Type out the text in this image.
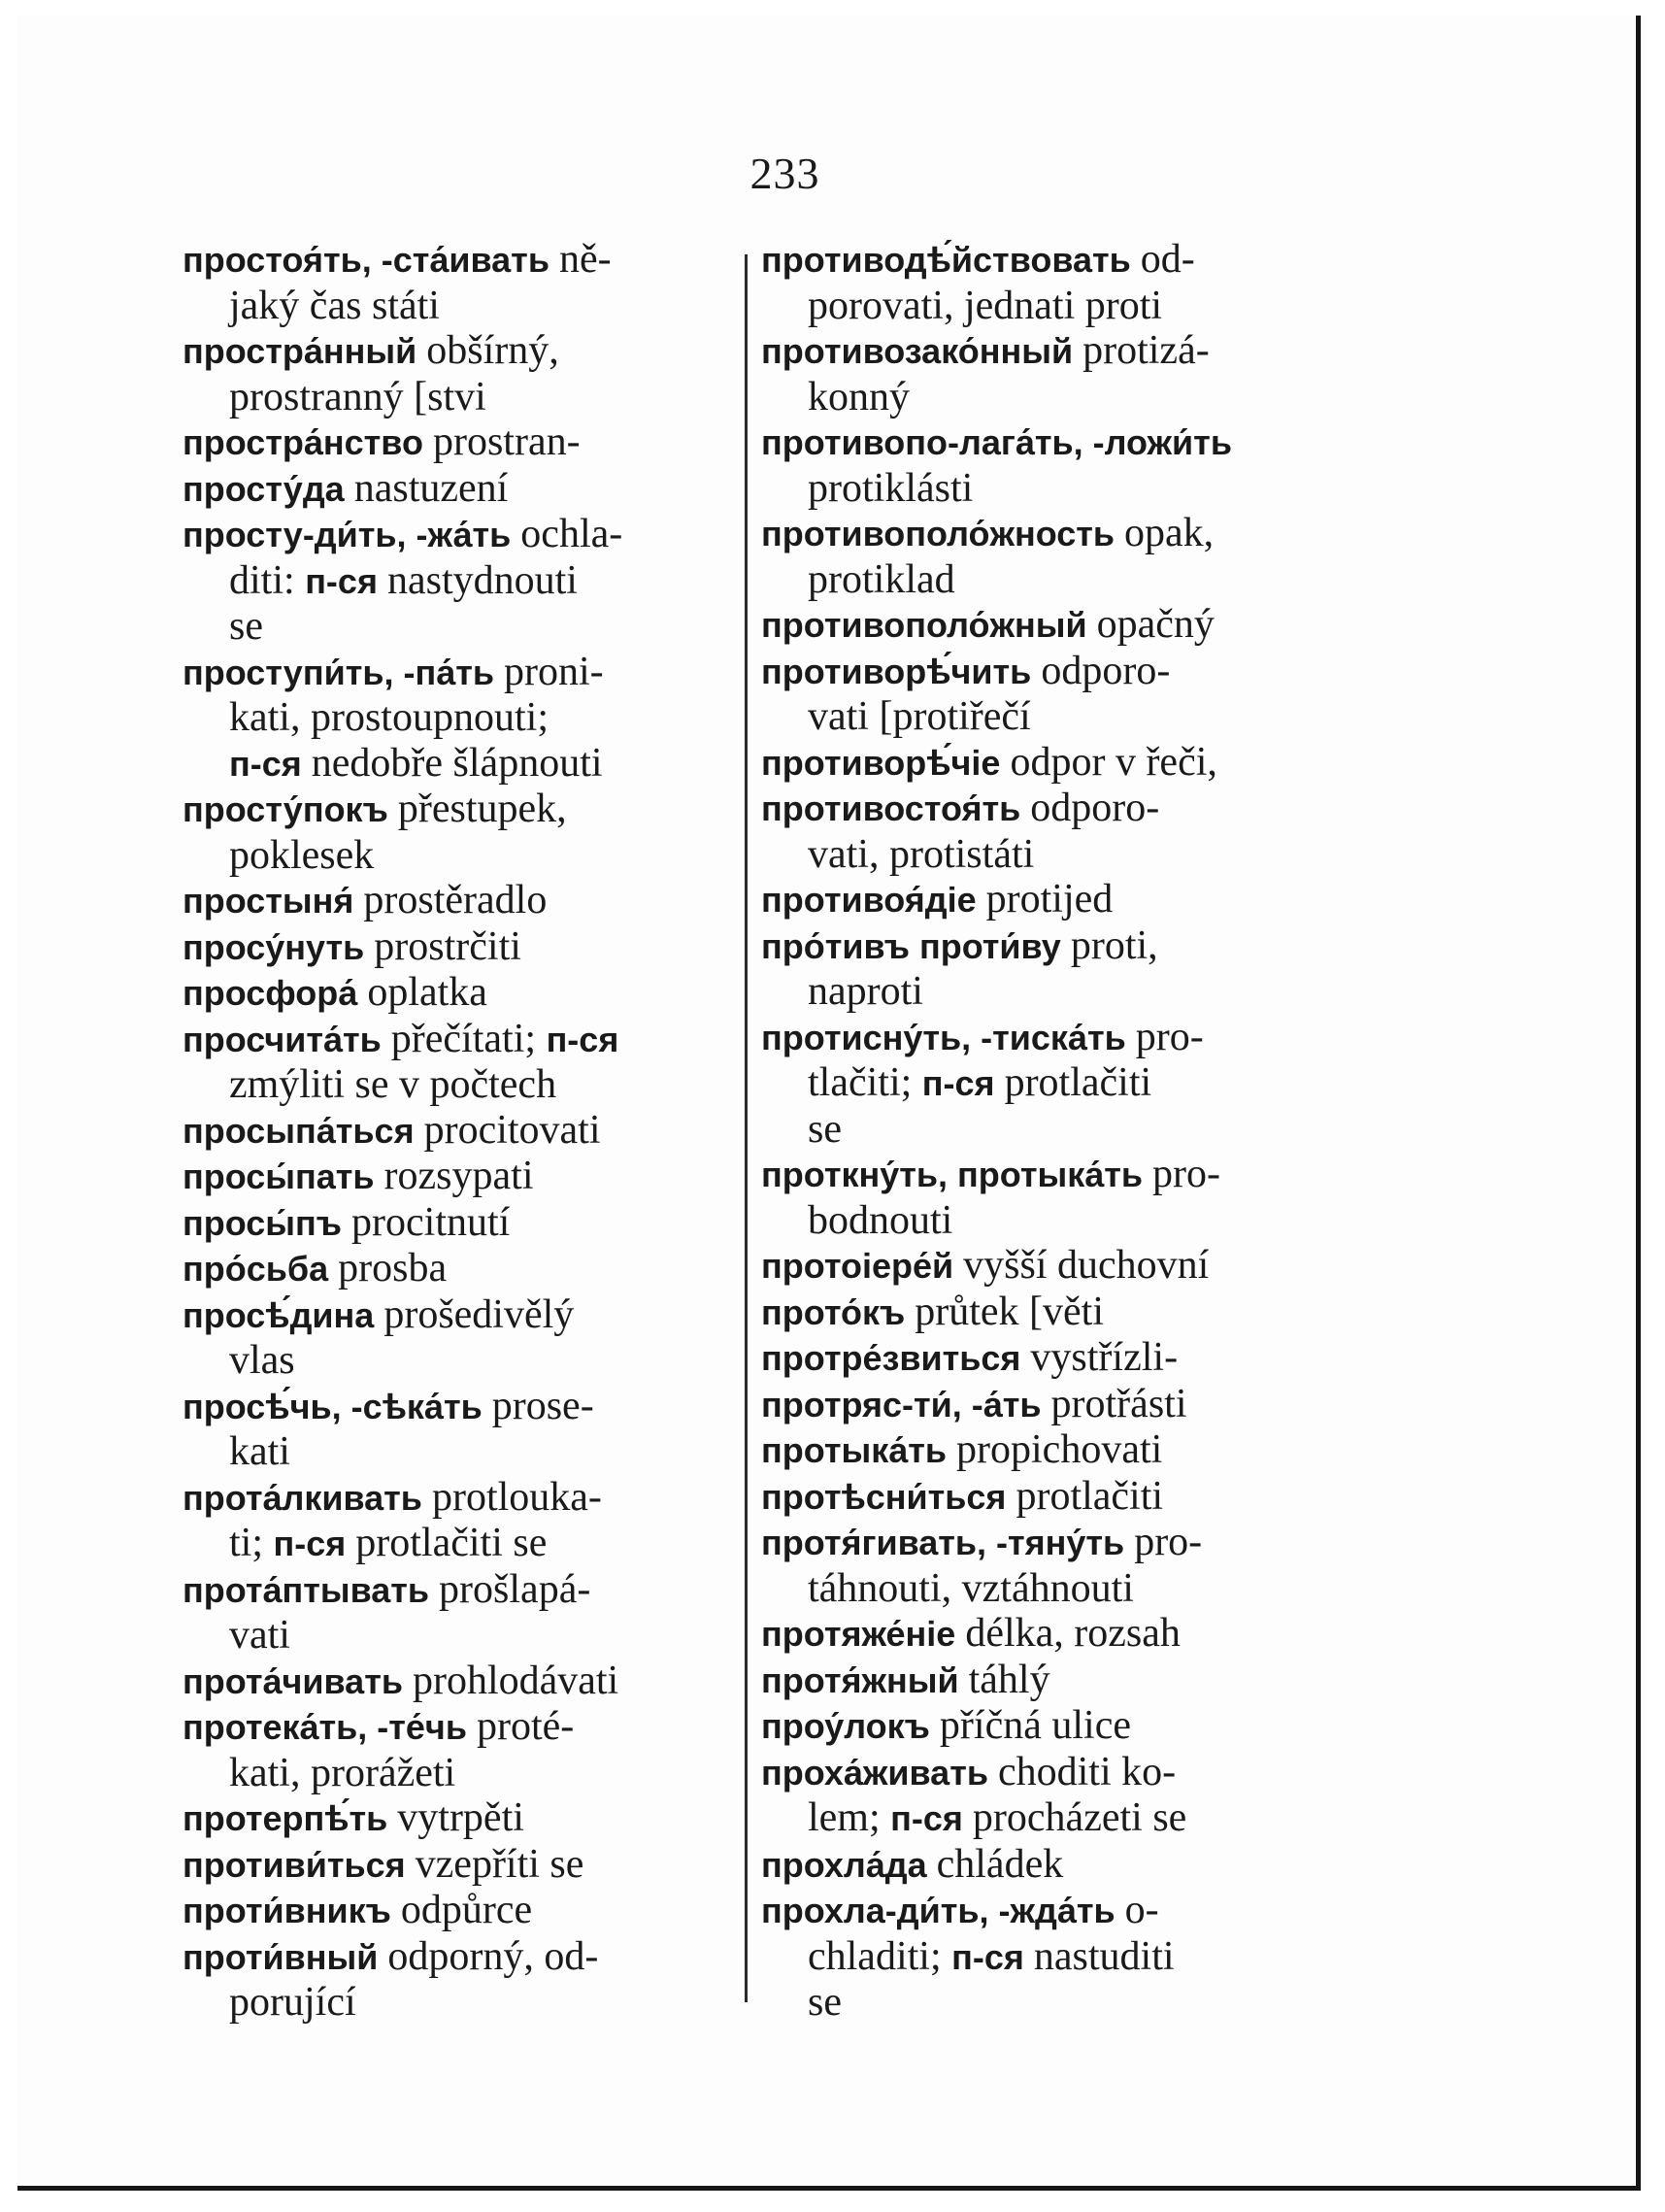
233

простоя́ть, -ста́ивать ně-
jaký čas státi

простра́нный obšírný,
prostranný [stvi

простра́нство prostran-

просту́да nastuzení

просту-ди́ть, -жа́ть ochla-
diti: п-ся nastydnouti
se

проступи́ть, -па́ть proni-
kati, prostoupnouti;
п-ся nedobře šlápnouti

просту́покъ přestupek,
poklesek

простыня́ prostěradlo

просу́нуть prostrčiti

просфора́ oplatka

просчита́ть přečítati; п-ся
zmýliti se v počtech

просыпа́ться procitovati

просы́пать rozsypati

просы́пъ procitnutí

про́сьба prosba

просѣ́дина prošedivělý
vlas

просѣ́чь, -сѣка́ть prose-
kati

прота́лкивать protlouka-
ti; п-ся protlačiti se

прота́птывать prošlapá-
vati

прота́чивать prohlodávati

протека́ть, -те́чь proté-
kati, prorážeti

протерпѣ́ть vytrpěti

противи́ться vzepříti se

проти́вникъ odpůrce

проти́вный odporný, od-
porující

противодѣ́йствовать od-
porovati, jednati proti

противозако́нный protizá-
konný

противопо-лага́ть, -ложи́ть
protiklásti

противополо́жность opak,
protiklad

противополо́жный opačný

противорѣ́чить odporo-
vati [protiřečí

противорѣ́чіе odpor v řeči,

противостоя́ть odporo-
vati, protistáti

противоя́діе protijed

про́тивъ проти́ву proti,
naproti

протисну́ть, -тиска́ть pro-
tlačiti; п-ся protlačiti
se

проткну́ть, протыка́ть pro-
bodnouti

протоіере́й vyšší duchovní

прото́къ průtek [věti

протре́звиться vystřízli-

протряс-ти́, -а́ть protřásti

протыка́ть propichovati

протѣсни́ться protlačiti

протя́гивать, -тяну́ть pro-
táhnouti, vztáhnouti

протяже́ніе délka, rozsah

протя́жный táhlý

проу́локъ příčná ulice

проха́живать choditi ko-
lem; п-ся procházeti se

прохла́да chládek

прохла-ди́ть, -жда́ть o-
chladiti; п-ся nastuditi
se
